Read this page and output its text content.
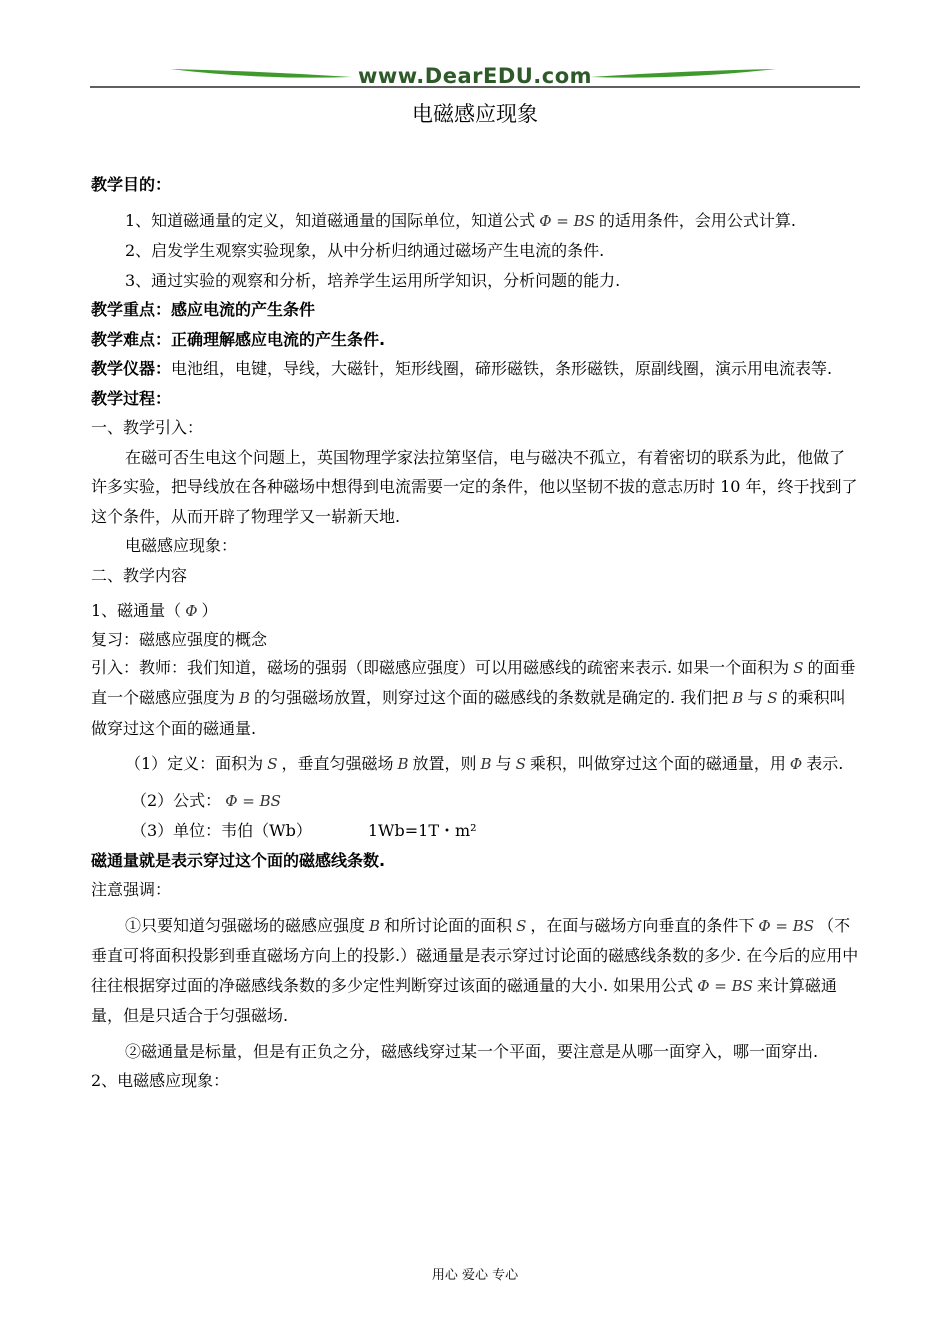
www.DearEDU.com
电磁感应现象

教学目的：

1、知道磁通量的定义，知道磁通量的国际单位，知道公式 Φ = BS 的适用条件，会用公式计算.

2、启发学生观察实验现象，从中分析归纳通过磁场产生电流的条件.

3、通过实验的观察和分析，培养学生运用所学知识，分析问题的能力.

教学重点：感应电流的产生条件

教学难点：正确理解感应电流的产生条件.

教学仪器：电池组，电键，导线，大磁针，矩形线圈，碲形磁铁，条形磁铁，原副线圈，演示用电流表等.

教学过程：

一、教学引入：

在磁可否生电这个问题上，英国物理学家法拉第坚信，电与磁决不孤立，有着密切的联系为此，他做了许多实验，把导线放在各种磁场中想得到电流需要一定的条件，他以坚韧不拔的意志历时 10 年，终于找到了这个条件，从而开辟了物理学又一崭新天地.

电磁感应现象：

二、教学内容

1、磁通量（ Φ ）

复习：磁感应强度的概念

引入：教师：我们知道，磁场的强弱（即磁感应强度）可以用磁感线的疏密来表示. 如果一个面积为 S 的面垂直一个磁感应强度为 B 的匀强磁场放置，则穿过这个面的磁感线的条数就是确定的. 我们把 B 与 S 的乘积叫做穿过这个面的磁通量.

（1）定义：面积为 S ，垂直匀强磁场 B 放置，则 B 与 S 乘积，叫做穿过这个面的磁通量，用 Φ 表示.

（2）公式： Φ = BS

（3）单位：韦伯（Wb）	1Wb=1T・m²

磁通量就是表示穿过这个面的磁感线条数.

注意强调：

①只要知道匀强磁场的磁感应强度 B 和所讨论面的面积 S ，在面与磁场方向垂直的条件下 Φ = BS （不垂直可将面积投影到垂直磁场方向上的投影.）磁通量是表示穿过讨论面的磁感线条数的多少. 在今后的应用中往往根据穿过面的净磁感线条数的多少定性判断穿过该面的磁通量的大小. 如果用公式 Φ = BS 来计算磁通量，但是只适合于匀强磁场.

②磁通量是标量，但是有正负之分，磁感线穿过某一个平面，要注意是从哪一面穿入，哪一面穿出.

2、电磁感应现象：

用心 爱心 专心
